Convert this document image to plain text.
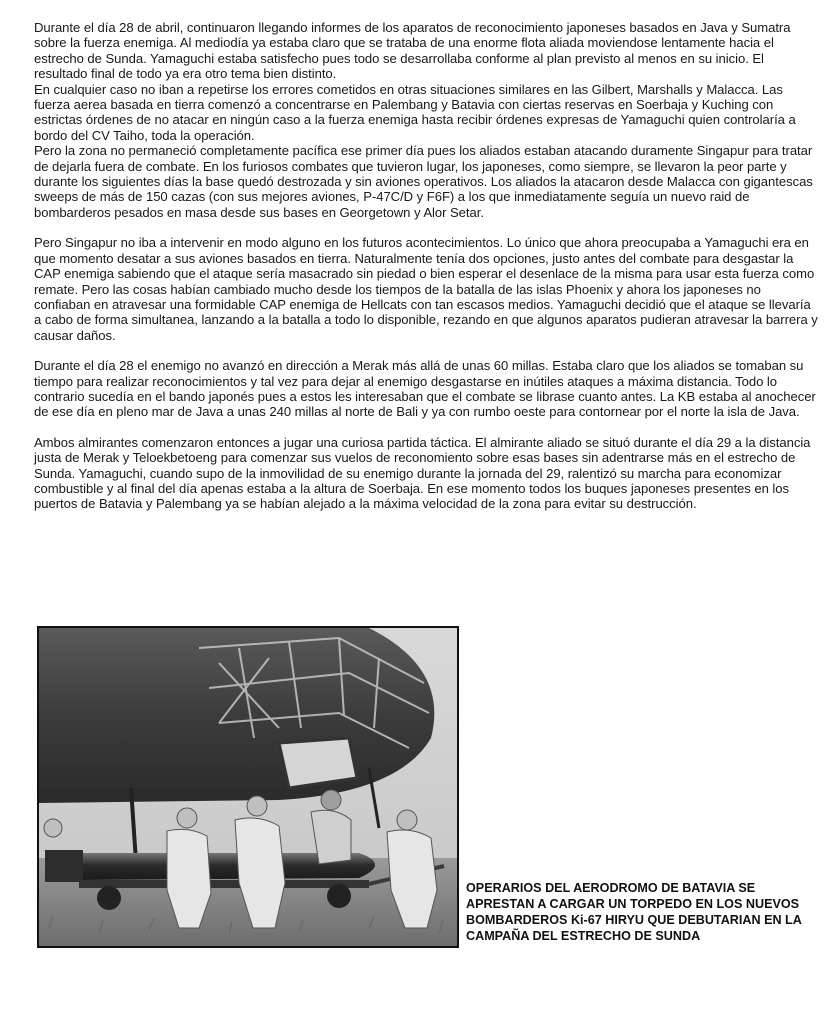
Durante el día 28 de abril, continuaron llegando informes de los aparatos de reconocimiento japoneses basados en Java y Sumatra sobre la fuerza enemiga. Al mediodía ya estaba claro que se trataba de una enorme flota aliada moviendose lentamente hacia el estrecho de Sunda. Yamaguchi estaba satisfecho pues todo se desarrollaba conforme al plan previsto al menos en su inicio. El resultado final de todo ya era otro tema bien distinto.

En cualquier caso no iban a repetirse los errores cometidos en otras situaciones similares en las Gilbert, Marshalls y Malacca. Las fuerza aerea basada en tierra comenzó a concentrarse en Palembang y Batavia con ciertas reservas en Soerbaja y Kuching con estrictas órdenes de no atacar en ningún caso a la fuerza enemiga hasta recibir órdenes expresas de Yamaguchi quien controlaría a bordo del CV Taiho, toda la operación.

Pero la zona no permaneció completamente pacífica ese primer día pues los aliados estaban atacando duramente Singapur para tratar de dejarla fuera de combate. En los furiosos combates que tuvieron lugar, los japoneses, como siempre, se llevaron la peor parte y durante los siguientes días la base quedó destrozada y sin aviones operativos. Los aliados la atacaron desde Malacca con gigantescas sweeps de más de 150 cazas (con sus mejores aviones, P-47C/D y F6F) a los que inmediatamente seguía un nuevo raid de bombarderos pesados en masa desde sus bases en Georgetown y Alor Setar.

Pero Singapur no iba a intervenir en modo alguno en los futuros acontecimientos. Lo único que ahora preocupaba a Yamaguchi era en que momento desatar a sus aviones basados en tierra. Naturalmente tenía dos opciones, justo antes del combate para desgastar la CAP enemiga sabiendo que el ataque sería masacrado sin piedad o bien esperar el desenlace de la misma para usar esta fuerza como remate. Pero las cosas habían cambiado mucho desde los tiempos de la batalla de las islas Phoenix y ahora los japoneses no confiaban en atravesar una formidable CAP enemiga de Hellcats con tan escasos medios. Yamaguchi decidió que el ataque se llevaría a cabo de forma simultanea, lanzando a la batalla a todo lo disponible, rezando en que algunos aparatos pudieran atravesar la barrera y causar daños.

Durante el día 28 el enemigo no avanzó en dirección a Merak más allá de unas 60 millas. Estaba claro que los aliados se tomaban su tiempo para realizar reconocimientos y tal vez para dejar al enemigo desgastarse en inútiles ataques a máxima distancia. Todo lo contrario sucedía en el bando japonés pues a estos les interesaban que el combate se librase cuanto antes. La KB estaba al anochecer de ese día en pleno mar de Java a unas 240 millas al norte de Bali y ya con rumbo oeste para contornear por el norte la isla de Java.

Ambos almirantes comenzaron entonces a jugar una curiosa partida táctica. El almirante aliado se situó durante el día 29 a la distancia justa de Merak y Teloekbetoeng para comenzar sus vuelos de reconomiento sobre esas bases sin adentrarse más en el estrecho de Sunda. Yamaguchi, cuando supo de la inmovilidad de su enemigo durante la jornada del 29, ralentizó su marcha para economizar combustible y al final del día apenas estaba a la altura de Soerbaja. En ese momento todos los buques japoneses presentes en los puertos de Batavia y Palembang ya se habían alejado a la máxima velocidad de la zona para evitar su destrucción.

OPERARIOS DEL AERODROMO DE BATAVIA SE APRESTAN A CARGAR UN TORPEDO EN LOS NUEVOS BOMBARDEROS Ki-67 HIRYU QUE DEBUTARIAN EN LA CAMPAÑA DEL ESTRECHO DE SUNDA
